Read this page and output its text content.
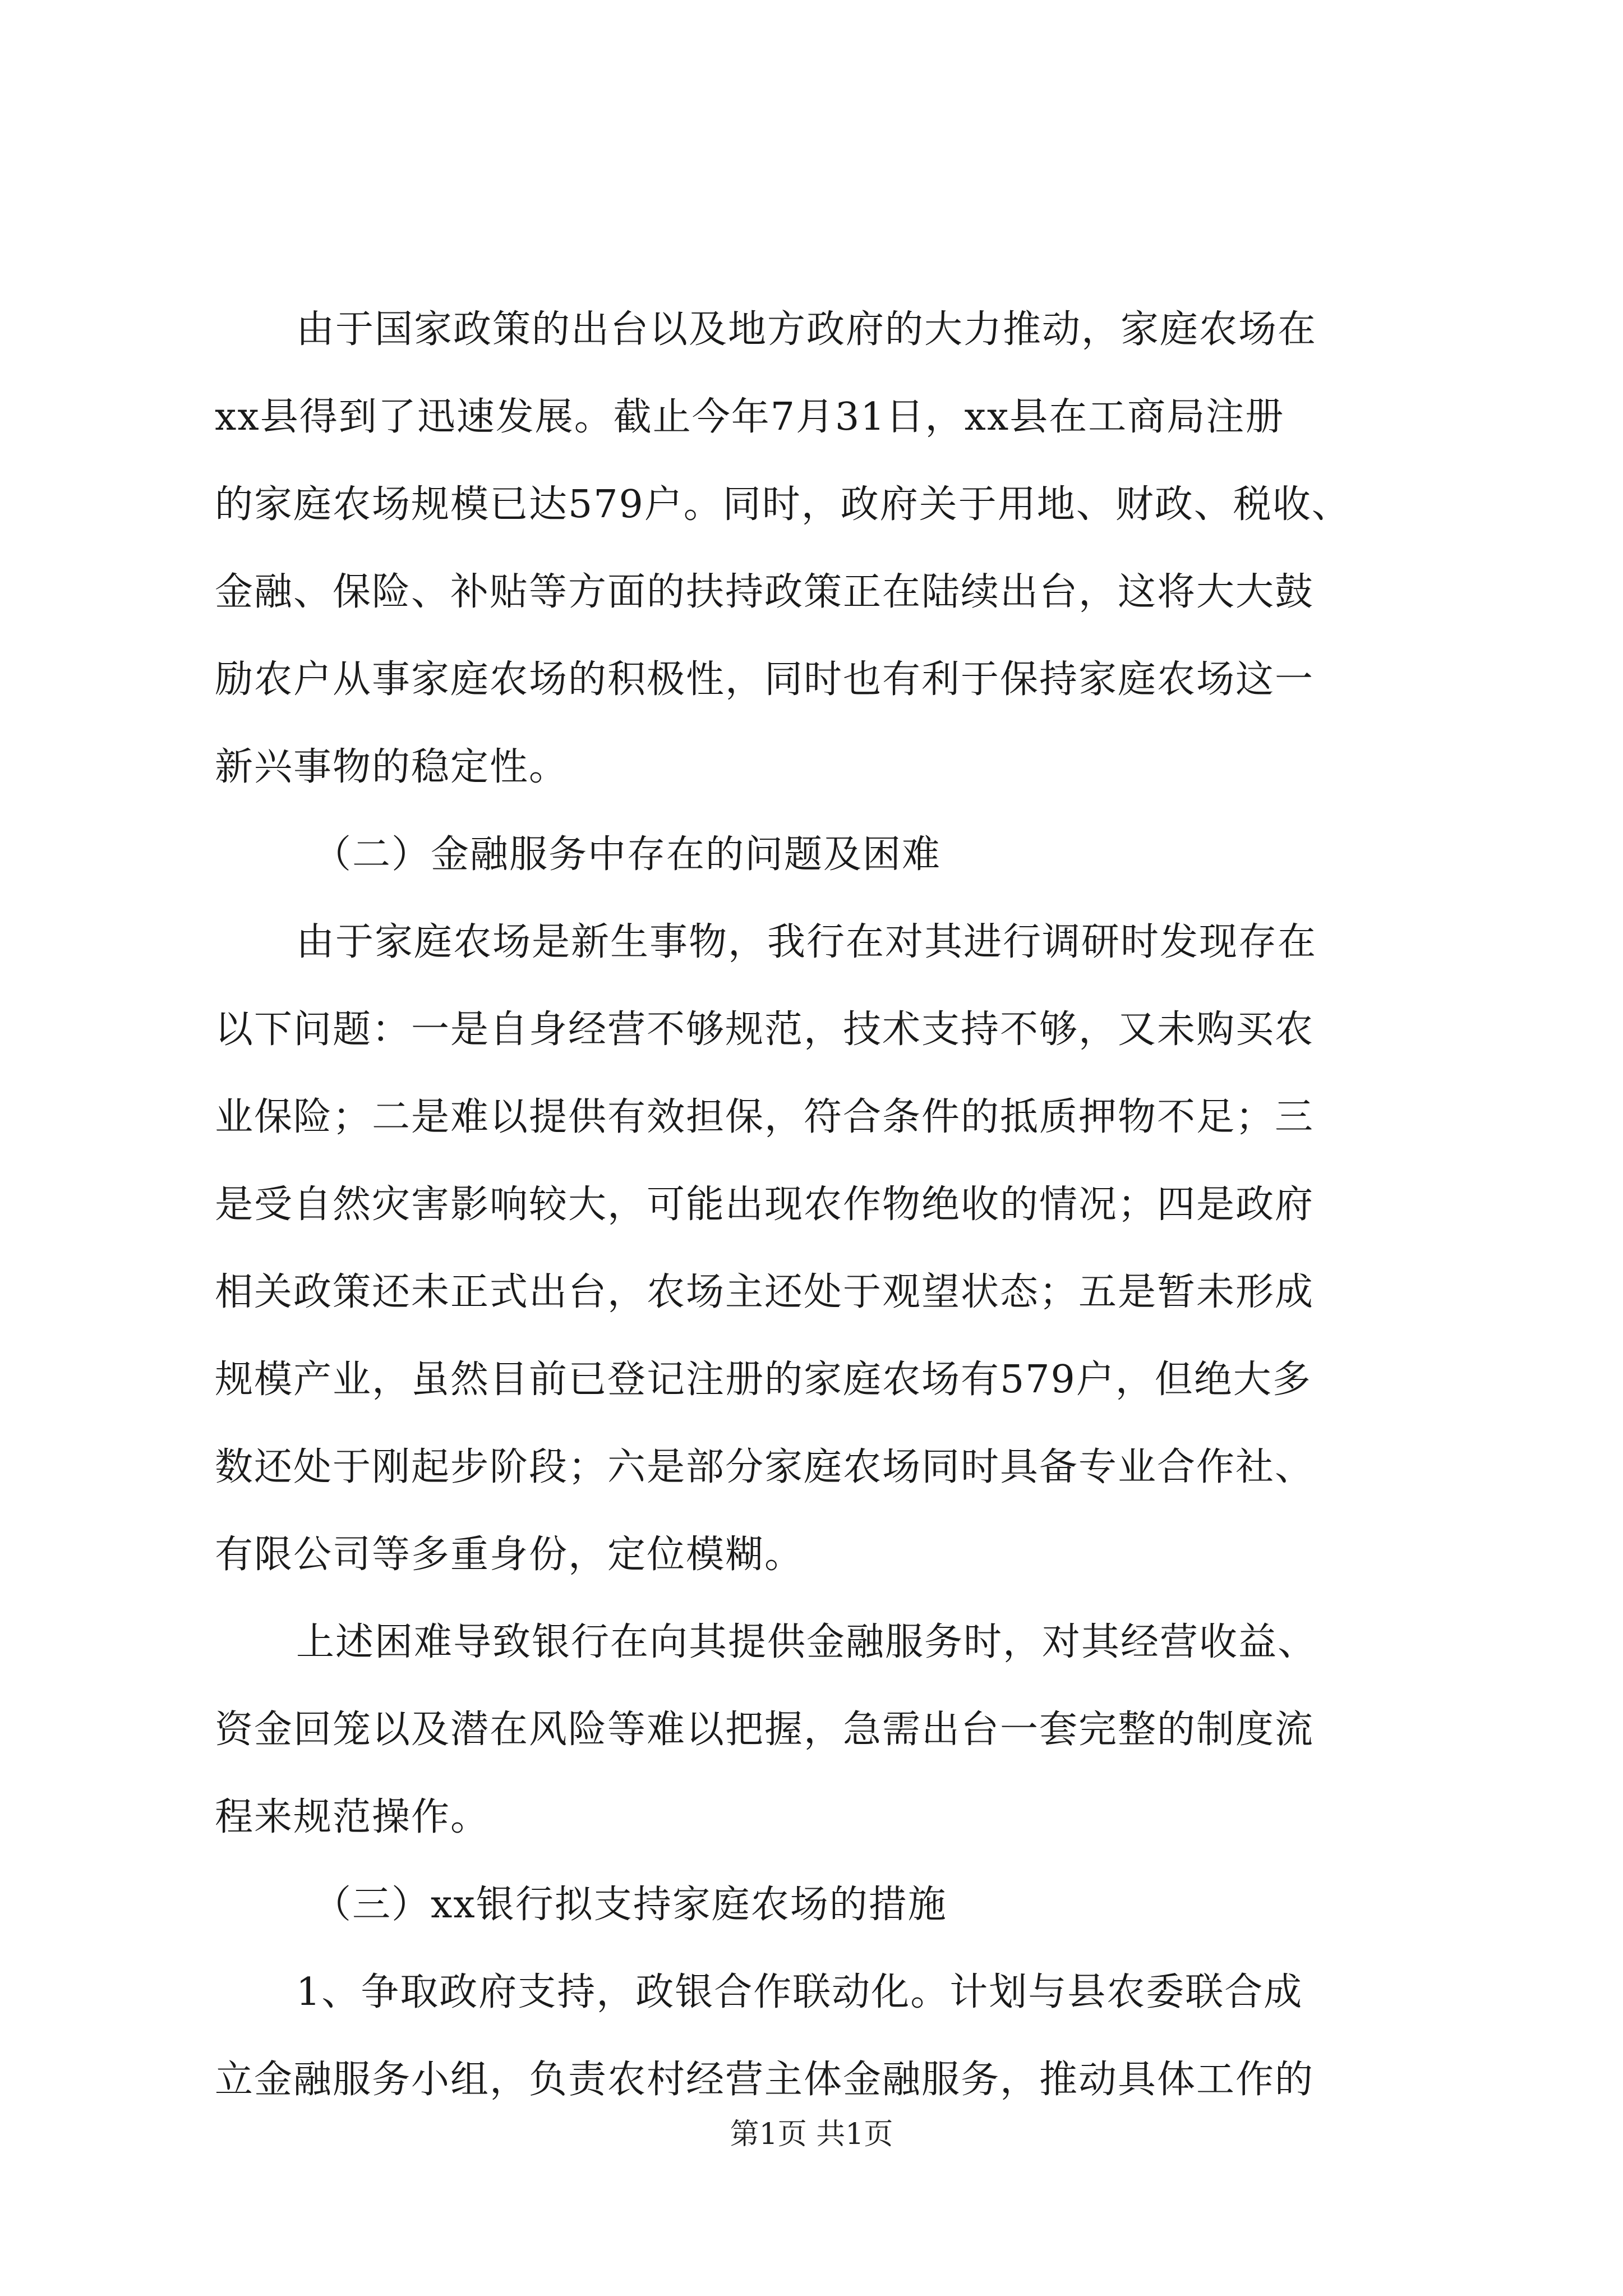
由于国家政策的出台以及地方政府的大力推动，家庭农场在
xx县得到了迅速发展。截止今年7月31日，xx县在工商局注册
的家庭农场规模已达579户。同时，政府关于用地、财政、税收、
金融、保险、补贴等方面的扶持政策正在陆续出台，这将大大鼓
励农户从事家庭农场的积极性，同时也有利于保持家庭农场这一
新兴事物的稳定性。
（二）金融服务中存在的问题及困难
由于家庭农场是新生事物，我行在对其进行调研时发现存在
以下问题：一是自身经营不够规范，技术支持不够，又未购买农
业保险；二是难以提供有效担保，符合条件的抵质押物不足；三
是受自然灾害影响较大，可能出现农作物绝收的情况；四是政府
相关政策还未正式出台，农场主还处于观望状态；五是暂未形成
规模产业，虽然目前已登记注册的家庭农场有579户，但绝大多
数还处于刚起步阶段；六是部分家庭农场同时具备专业合作社、
有限公司等多重身份，定位模糊。
上述困难导致银行在向其提供金融服务时，对其经营收益、
资金回笼以及潜在风险等难以把握，急需出台一套完整的制度流
程来规范操作。
（三）xx银行拟支持家庭农场的措施
1、争取政府支持，政银合作联动化。计划与县农委联合成
立金融服务小组，负责农村经营主体金融服务，推动具体工作的
第1页 共1页
